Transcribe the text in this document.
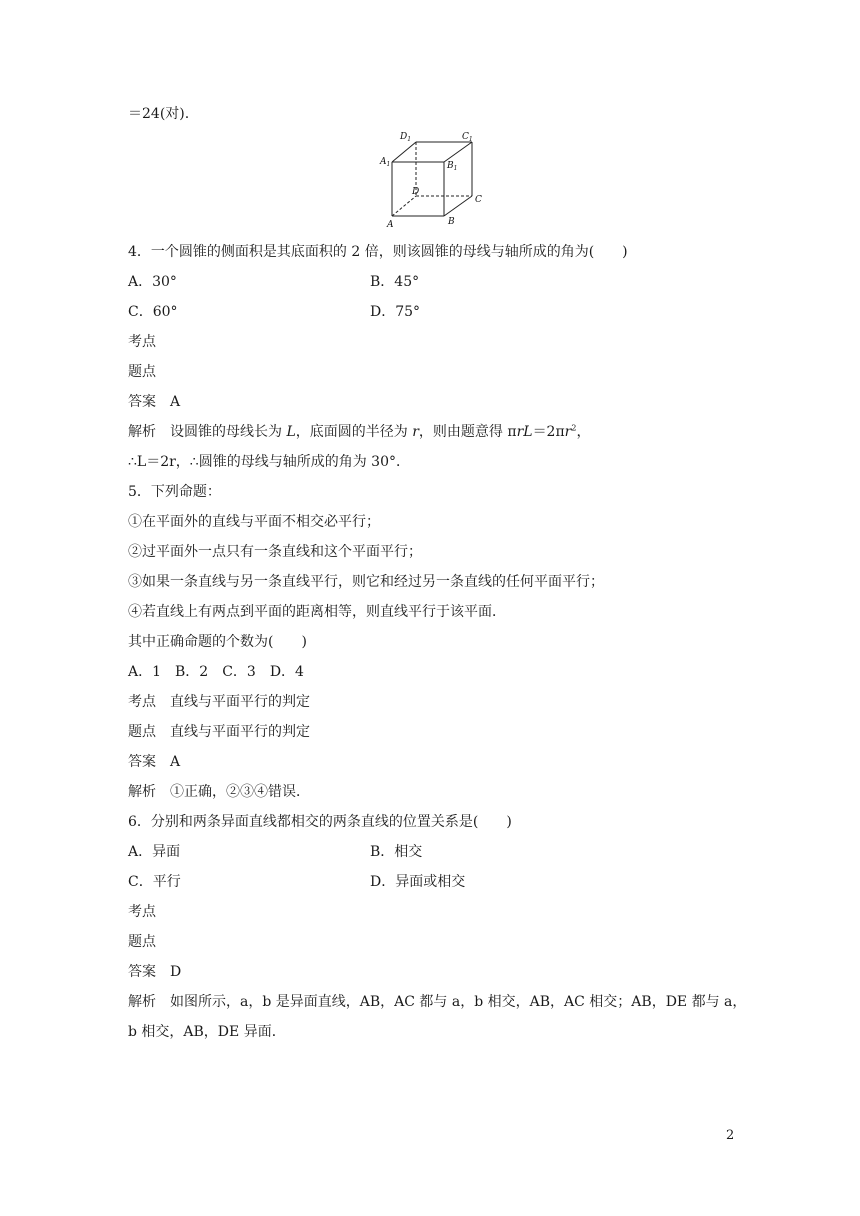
＝24(对).
$D_1$	$C_1$
$A_1$	$B_1$
D
C
A	B
4．一个圆锥的侧面积是其底面积的 2 倍，则该圆锥的母线与轴所成的角为(　　)
A．30°	B．45°
C．60°	D．75°
考点
题点
答案　A
解析　设圆锥的母线长为 L，底面圆的半径为 r，则由题意得 $\pi rL=2\pi r^2$，
∴L＝2r，∴圆锥的母线与轴所成的角为 30°．
5．下列命题：
①在平面外的直线与平面不相交必平行；
②过平面外一点只有一条直线和这个平面平行；
③如果一条直线与另一条直线平行，则它和经过另一条直线的任何平面平行；
④若直线上有两点到平面的距离相等，则直线平行于该平面．
其中正确命题的个数为(　　)
A．1　B．2　C．3　D．4
考点　直线与平面平行的判定
题点　直线与平面平行的判定
答案　A
解析　①正确，②③④错误．
6．分别和两条异面直线都相交的两条直线的位置关系是(　　)
A．异面	B．相交
C．平行	D．异面或相交
考点
题点
答案　D
解析　如图所示，a，b 是异面直线，AB，AC 都与 a，b 相交，AB，AC 相交；AB，DE 都与 a，
b 相交，AB，DE 异面．
2
